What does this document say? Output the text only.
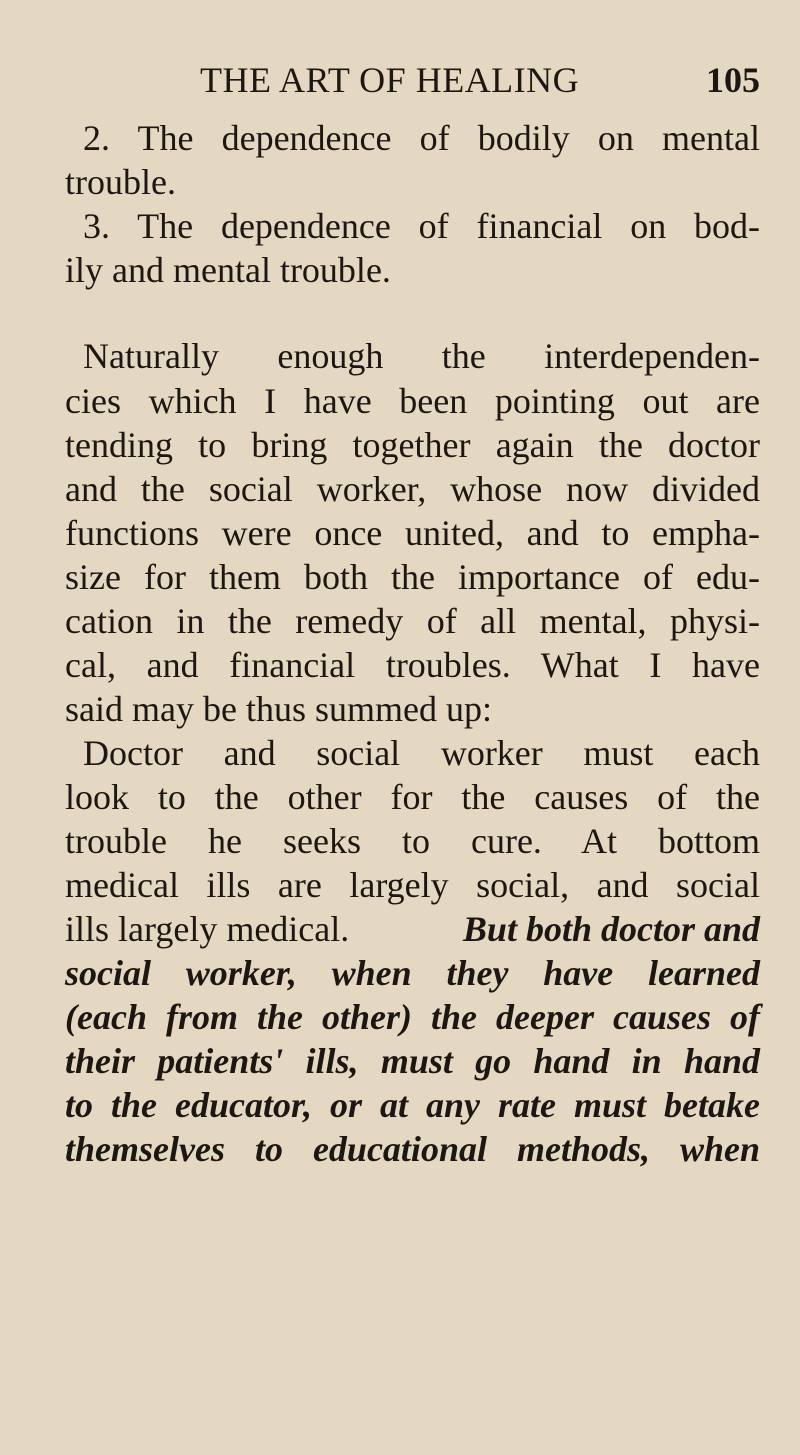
THE ART OF HEALING	105
2. The dependence of bodily on mental
trouble.
3. The dependence of financial on bod-
ily and mental trouble.
Naturally enough the interdependen-
cies which I have been pointing out are
tending to bring together again the doctor
and the social worker, whose now divided
functions were once united, and to empha-
size for them both the importance of edu-
cation in the remedy of all mental, physi-
cal, and financial troubles. What I have
said may be thus summed up:
Doctor and social worker must each
look to the other for the causes of the
trouble he seeks to cure. At bottom
medical ills are largely social, and social
ills largely medical.	But both doctor and
social worker, when they have learned
(each from the other) the deeper causes of
their patients' ills, must go hand in hand
to the educator, or at any rate must betake
themselves to educational methods, when
